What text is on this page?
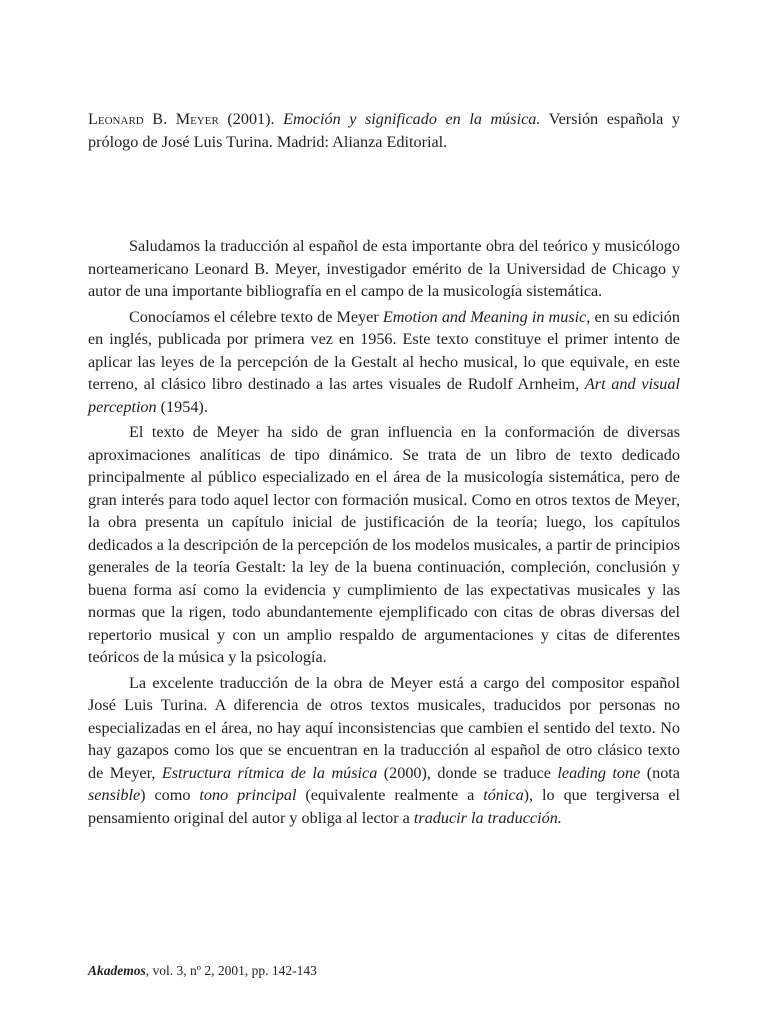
Leonard B. Meyer (2001). Emoción y significado en la música. Versión española y prólogo de José Luis Turina. Madrid: Alianza Editorial.

Saludamos la traducción al español de esta importante obra del teórico y musicólogo norteamericano Leonard B. Meyer, investigador emérito de la Universidad de Chicago y autor de una importante bibliografía en el campo de la musicología sistemática.

Conocíamos el célebre texto de Meyer Emotion and Meaning in music, en su edición en inglés, publicada por primera vez en 1956. Este texto constituye el primer intento de aplicar las leyes de la percepción de la Gestalt al hecho musical, lo que equivale, en este terreno, al clásico libro destinado a las artes visuales de Rudolf Arnheim, Art and visual perception (1954).

El texto de Meyer ha sido de gran influencia en la conformación de diversas aproximaciones analíticas de tipo dinámico. Se trata de un libro de texto dedicado principalmente al público especializado en el área de la musicología sistemática, pero de gran interés para todo aquel lector con formación musical. Como en otros textos de Meyer, la obra presenta un capítulo inicial de justificación de la teoría; luego, los capítulos dedicados a la descripción de la percepción de los modelos musicales, a partir de principios generales de la teoría Gestalt: la ley de la buena continuación, compleción, conclusión y buena forma así como la evidencia y cumplimiento de las expectativas musicales y las normas que la rigen, todo abundantemente ejemplificado con citas de obras diversas del repertorio musical y con un amplio respaldo de argumentaciones y citas de diferentes teóricos de la música y la psicología.

La excelente traducción de la obra de Meyer está a cargo del compositor español José Luis Turina. A diferencia de otros textos musicales, traducidos por personas no especializadas en el área, no hay aquí inconsistencias que cambien el sentido del texto. No hay gazapos como los que se encuentran en la traducción al español de otro clásico texto de Meyer, Estructura rítmica de la música (2000), donde se traduce leading tone (nota sensible) como tono principal (equivalente realmente a tónica), lo que tergiversa el pensamiento original del autor y obliga al lector a traducir la traducción.

Akademos, vol. 3, nº 2, 2001, pp. 142-143
